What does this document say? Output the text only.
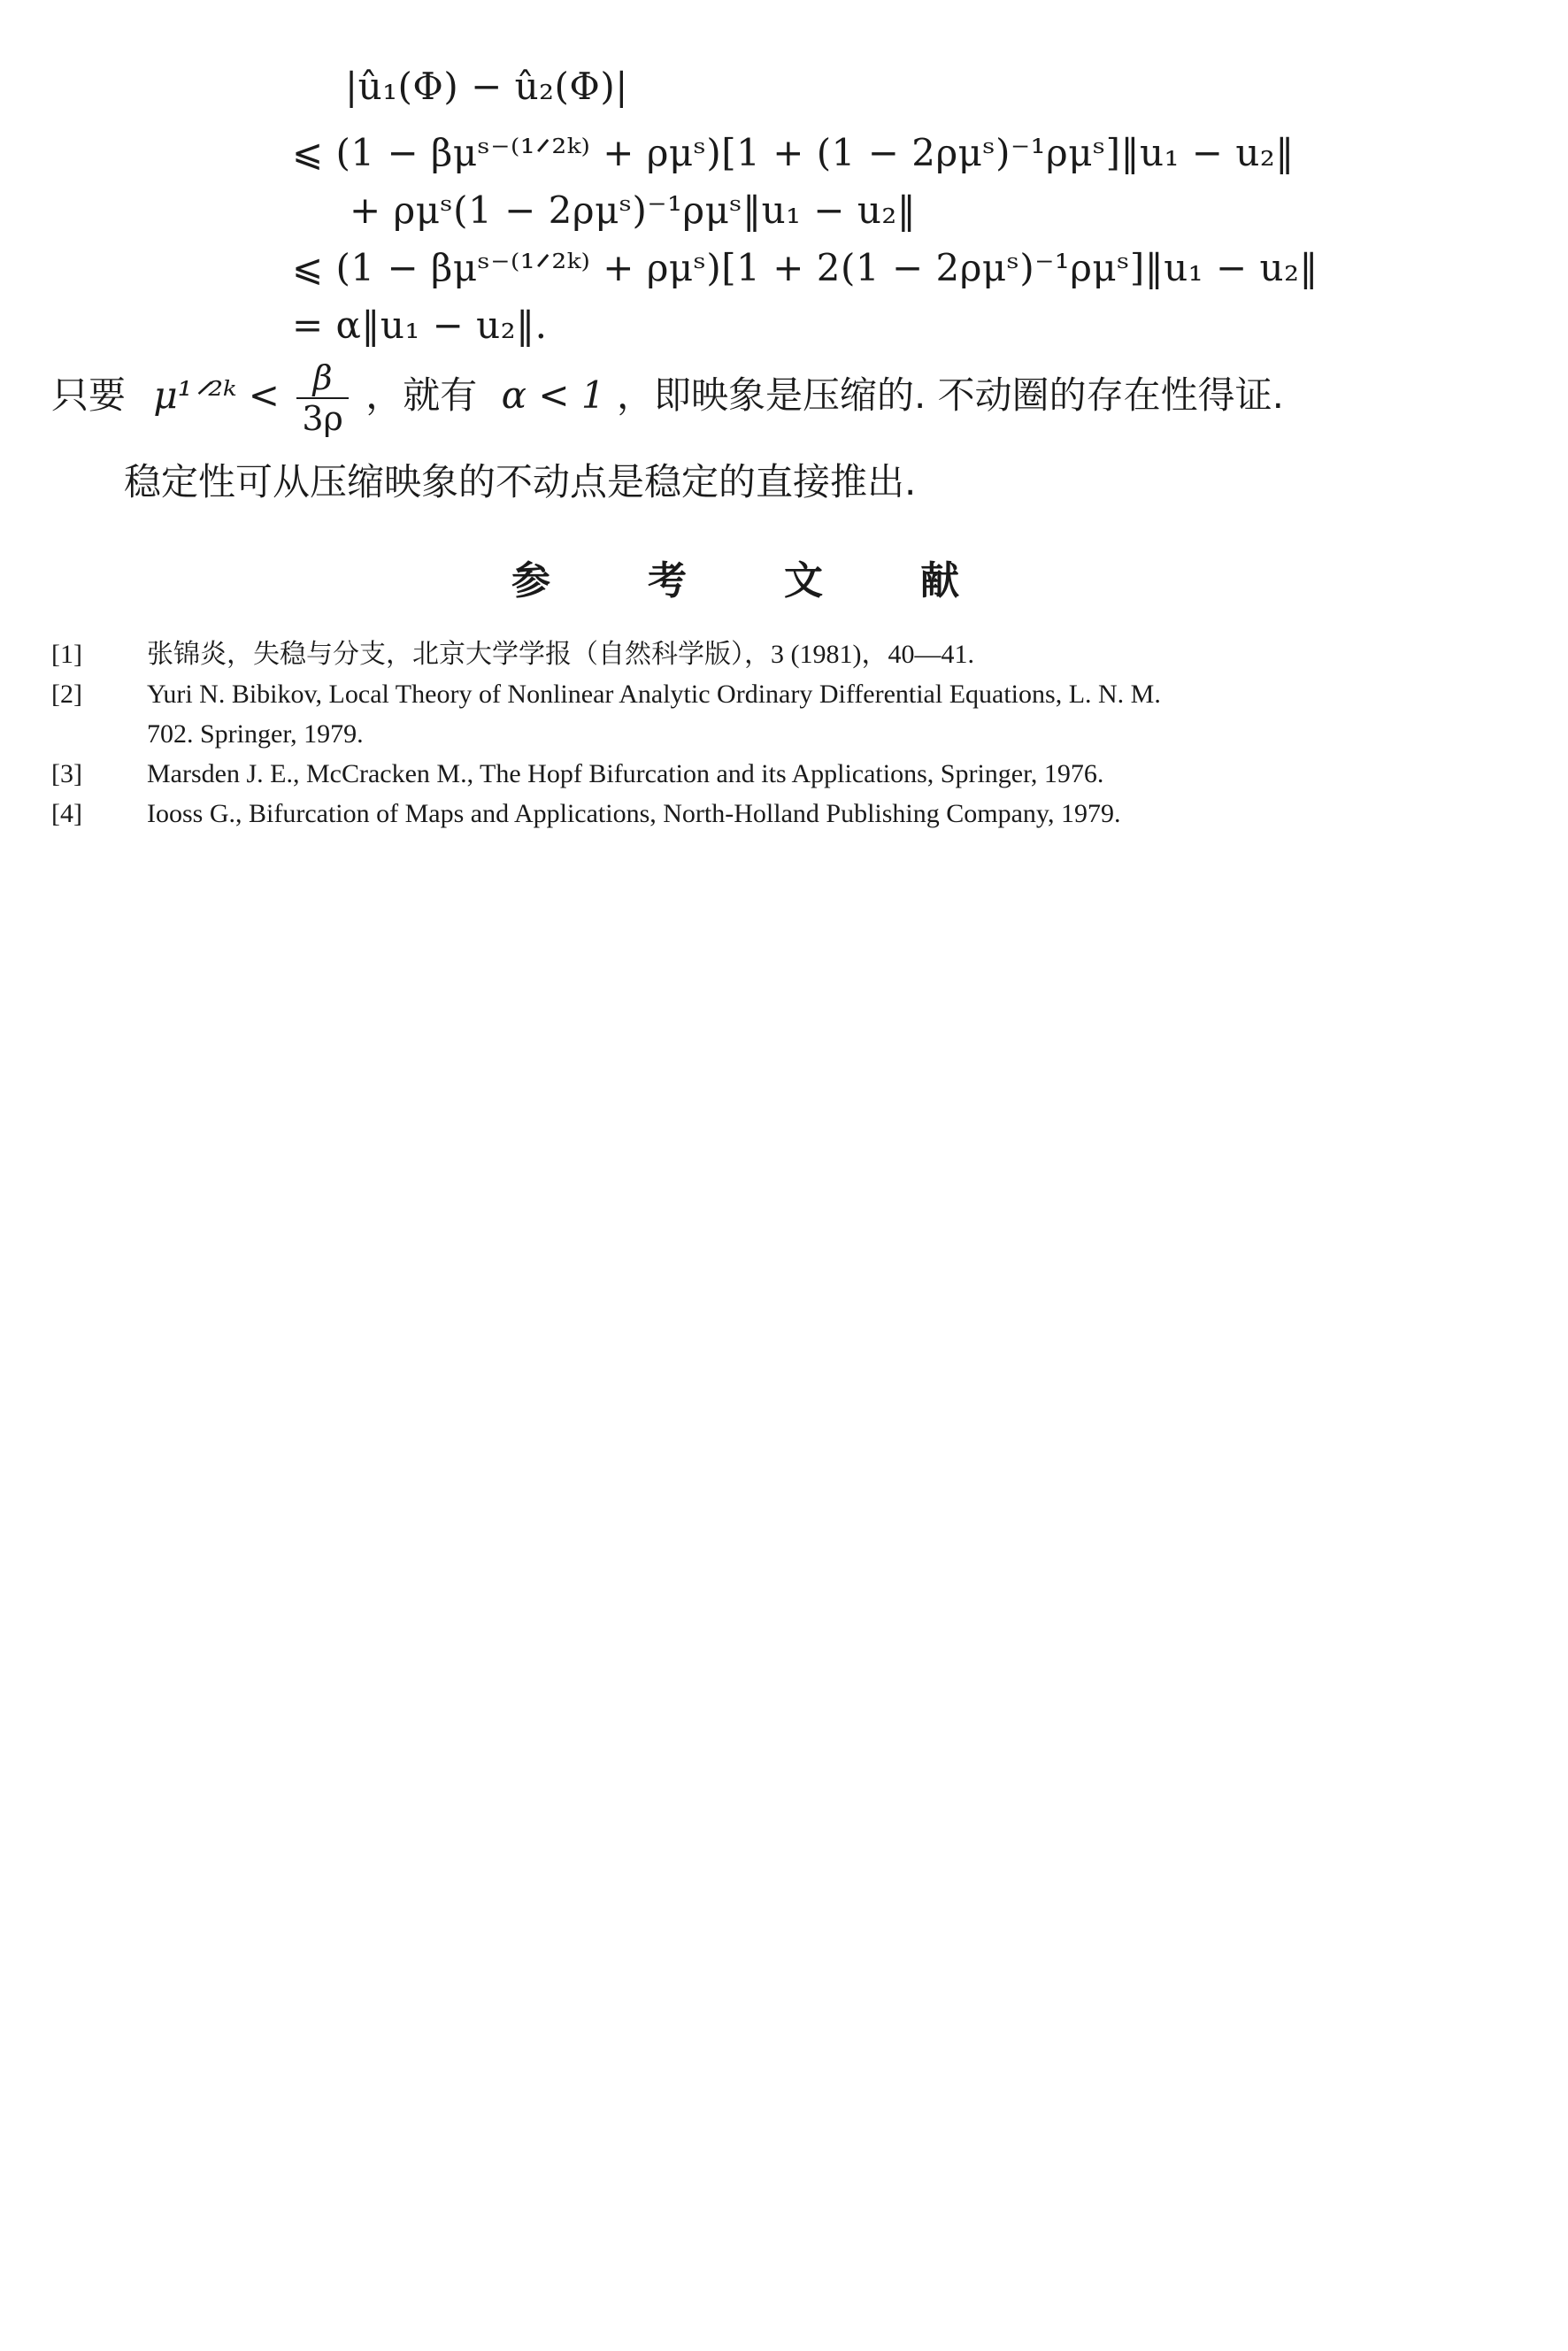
|û₁(Φ) − û₂(Φ)|
⩽ (1 − βμˢ⁻⁽¹ᐟ²ᵏ⁾ + ρμˢ)[1 + (1 − 2ρμˢ)⁻¹ρμˢ]‖u₁ − u₂‖
+ ρμˢ(1 − 2ρμˢ)⁻¹ρμˢ‖u₁ − u₂‖
⩽ (1 − βμˢ⁻⁽¹ᐟ²ᵏ⁾ + ρμˢ)[1 + 2(1 − 2ρμˢ)⁻¹ρμˢ]‖u₁ − u₂‖
= α‖u₁ − u₂‖.
只要 μ¹ᐟ²ᵏ < $\frac{\beta}{3\rho}$ ，就有 α < 1 ，即映象是压缩的. 不动圈的存在性得证.
稳定性可从压缩映象的不动点是稳定的直接推出.
参考文献
[1] 张锦炎，失稳与分支，北京大学学报（自然科学版），3 (1981)，40—41.
[2] Yuri N. Bibikov, Local Theory of Nonlinear Analytic Ordinary Differential Equations, L. N. M.
702. Springer, 1979.
[3] Marsden J. E., McCracken M., The Hopf Bifurcation and its Applications, Springer, 1976.
[4] Iooss G., Bifurcation of Maps and Applications, North-Holland Publishing Company, 1979.
